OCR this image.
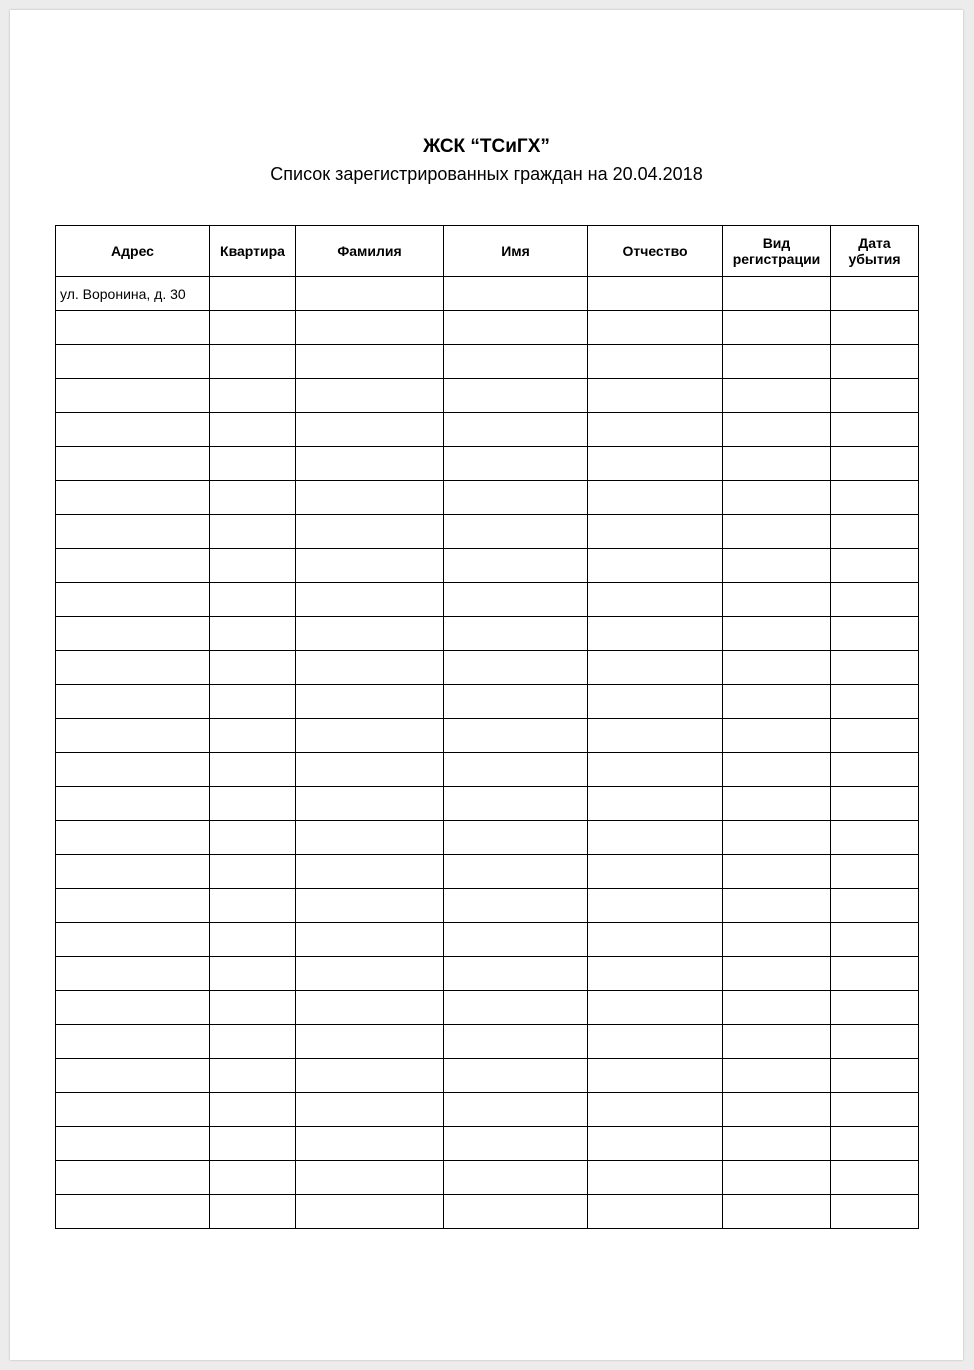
ЖСК “ТСиГХ”
Список зарегистрированных граждан на 20.04.2018
Адрес	Квартира	Фамилия	Имя	Отчество	Вид регистрации	Дата убытия
ул. Воронина, д. 30						
